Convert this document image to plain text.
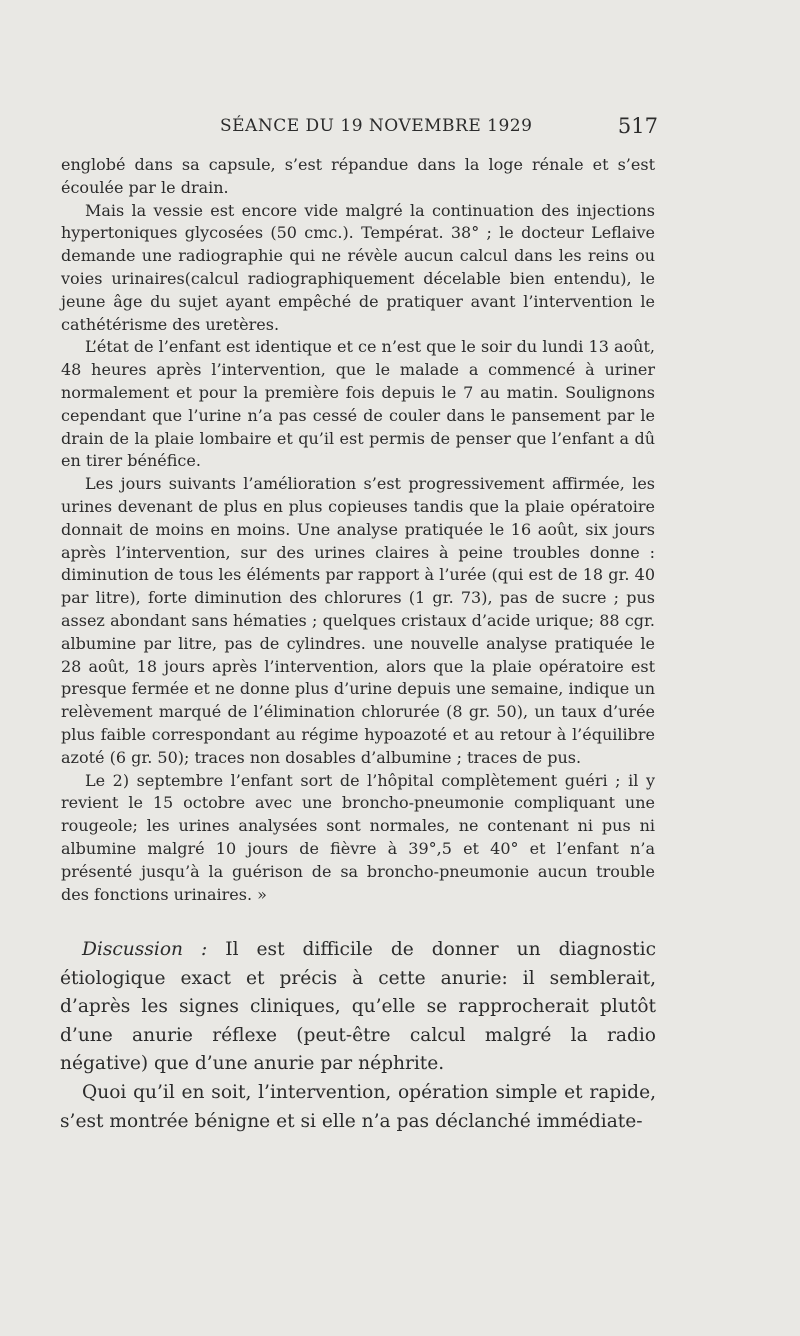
SÉANCE DU 19 NOVEMBRE 1929	517

englobé dans sa capsule, s’est répandue dans la loge rénale et s’est écoulée par le drain.

Mais la vessie est encore vide malgré la continuation des injections hypertoniques glycosées (50 cmc.). Températ. 38° ; le docteur Leflaive demande une radiographie qui ne révèle aucun calcul dans les reins ou voies urinaires(calcul radiographiquement décelable bien entendu), le jeune âge du sujet ayant empêché de pratiquer avant l’intervention le cathétérisme des uretères.

L’état de l’enfant est identique et ce n’est que le soir du lundi 13 août, 48 heures après l’intervention, que le malade a commencé à uriner normalement et pour la première fois depuis le 7 au matin. Soulignons cependant que l’urine n’a pas cessé de couler dans le pansement par le drain de la plaie lombaire et qu’il est permis de penser que l’enfant a dû en tirer bénéfice.

Les jours suivants l’amélioration s’est progressivement affirmée, les urines devenant de plus en plus copieuses tandis que la plaie opératoire donnait de moins en moins. Une analyse pratiquée le 16 août, six jours après l’intervention, sur des urines claires à peine troubles donne : diminution de tous les éléments par rapport à l’urée (qui est de 18 gr. 40 par litre), forte diminution des chlorures (1 gr. 73), pas de sucre ; pus assez abondant sans hématies ; quelques cristaux d’acide urique; 88 cgr. albumine par litre, pas de cylindres. une nouvelle analyse pratiquée le 28 août, 18 jours après l’intervention, alors que la plaie opératoire est presque fermée et ne donne plus d’urine depuis une semaine, indique un relèvement marqué de l’élimination chlorurée (8 gr. 50), un taux d’urée plus faible correspondant au régime hypoazoté et au retour à l’équilibre azoté (6 gr. 50); traces non dosables d’albumine ; traces de pus.

Le 2) septembre l’enfant sort de l’hôpital complètement guéri ; il y revient le 15 octobre avec une broncho-pneumonie compliquant une rougeole; les urines analysées sont normales, ne contenant ni pus ni albumine malgré 10 jours de fièvre à 39°,5 et 40° et l’enfant n’a présenté jusqu’à la guérison de sa broncho-pneumonie aucun trouble des fonctions urinaires. »

Discussion : Il est difficile de donner un diagnostic étiologique exact et précis à cette anurie: il semblerait, d’après les signes cliniques, qu’elle se rapprocherait plutôt d’une anurie réflexe (peut-être calcul malgré la radio négative) que d’une anurie par néphrite.

Quoi qu’il en soit, l’intervention, opération simple et rapide, s’est montrée bénigne et si elle n’a pas déclanché immédiate-
